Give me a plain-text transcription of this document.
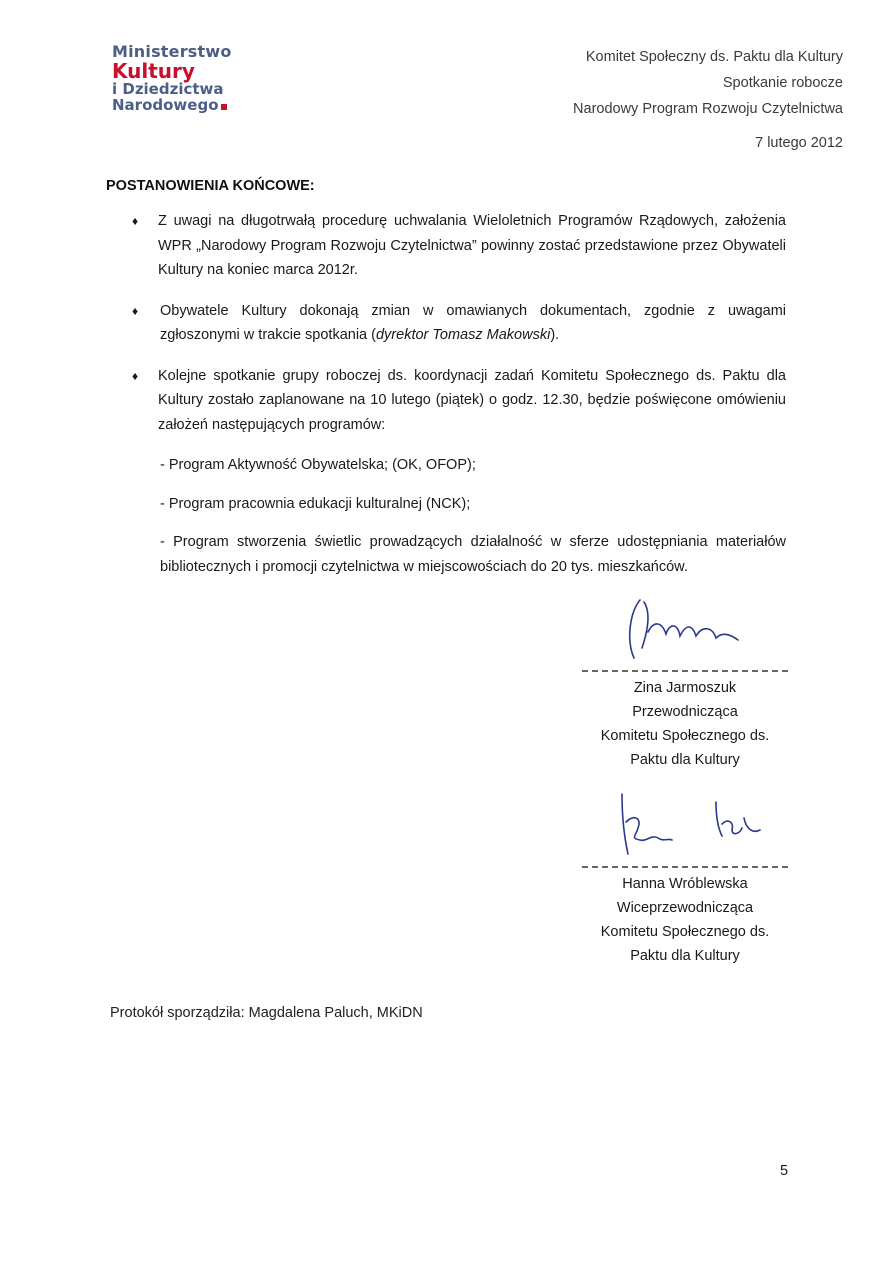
Ministerstwo
Kultury
i Dziedzictwa
Narodowego
Komitet Społeczny ds. Paktu dla Kultury
Spotkanie robocze
Narodowy Program Rozwoju Czytelnictwa
7 lutego 2012
POSTANOWIENIA KOŃCOWE:
♦ Z uwagi na długotrwałą procedurę uchwalania Wieloletnich Programów Rządowych, założenia WPR „Narodowy Program Rozwoju Czytelnictwa” powinny zostać przedstawione przez Obywateli Kultury na koniec marca 2012r.
♦ Obywatele Kultury dokonają zmian w omawianych dokumentach, zgodnie z uwagami zgłoszonymi w trakcie spotkania (dyrektor Tomasz Makowski).
♦ Kolejne spotkanie grupy roboczej ds. koordynacji zadań Komitetu Społecznego ds. Paktu dla Kultury zostało zaplanowane na 10 lutego (piątek) o godz. 12.30, będzie poświęcone omówieniu założeń następujących programów:
- Program Aktywność Obywatelska; (OK, OFOP);
- Program pracownia edukacji kulturalnej (NCK);
- Program stworzenia świetlic prowadzących działalność w sferze udostępniania materiałów bibliotecznych i promocji czytelnictwa w miejscowościach do 20 tys. mieszkańców.
Zina Jarmoszuk
Przewodnicząca
Komitetu Społecznego ds.
Paktu dla Kultury
Hanna Wróblewska
Wiceprzewodnicząca
Komitetu Społecznego ds.
Paktu dla Kultury
Protokół sporządziła: Magdalena Paluch, MKiDN
5
